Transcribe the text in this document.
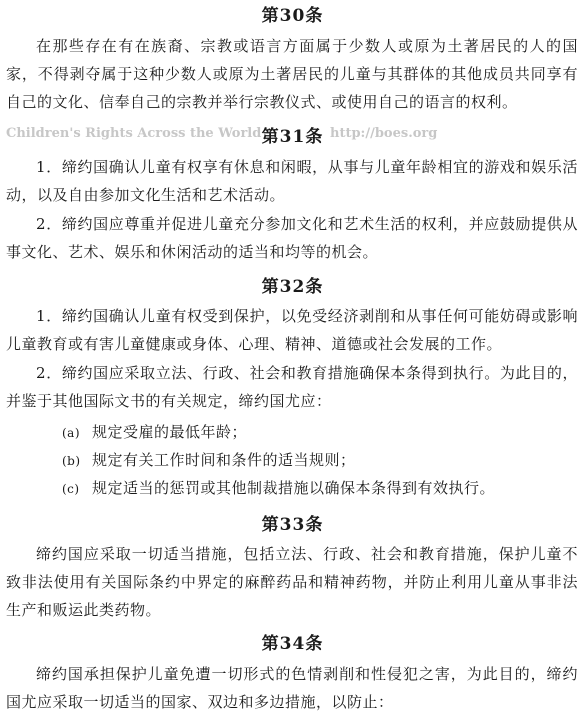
第30条
在那些存在有在族裔、宗教或语言方面属于少数人或原为土著居民的人的国家，不得剥夺属于这种少数人或原为土著居民的儿童与其群体的其他成员共同享有自己的文化、信奉自己的宗教并举行宗教仪式、或使用自己的语言的权利。
Children's Rights Across the World 第31条 http://boes.org
1．缔约国确认儿童有权享有休息和闲暇，从事与儿童年龄相宜的游戏和娱乐活动，以及自由参加文化生活和艺术活动。
2．缔约国应尊重并促进儿童充分参加文化和艺术生活的权利，并应鼓励提供从事文化、艺术、娱乐和休闲活动的适当和均等的机会。
第32条
1．缔约国确认儿童有权受到保护，以免受经济剥削和从事任何可能妨碍或影响儿童教育或有害儿童健康或身体、心理、精神、道德或社会发展的工作。
2．缔约国应采取立法、行政、社会和教育措施确保本条得到执行。为此目的，并鉴于其他国际文书的有关规定，缔约国尤应：
(a) 规定受雇的最低年龄；
(b) 规定有关工作时间和条件的适当规则；
(c) 规定适当的惩罚或其他制裁措施以确保本条得到有效执行。
第33条
缔约国应采取一切适当措施，包括立法、行政、社会和教育措施，保护儿童不致非法使用有关国际条约中界定的麻醉药品和精神药物，并防止利用儿童从事非法生产和贩运此类药物。
第34条
缔约国承担保护儿童免遭一切形式的色情剥削和性侵犯之害，为此目的，缔约国尤应采取一切适当的国家、双边和多边措施，以防止：
